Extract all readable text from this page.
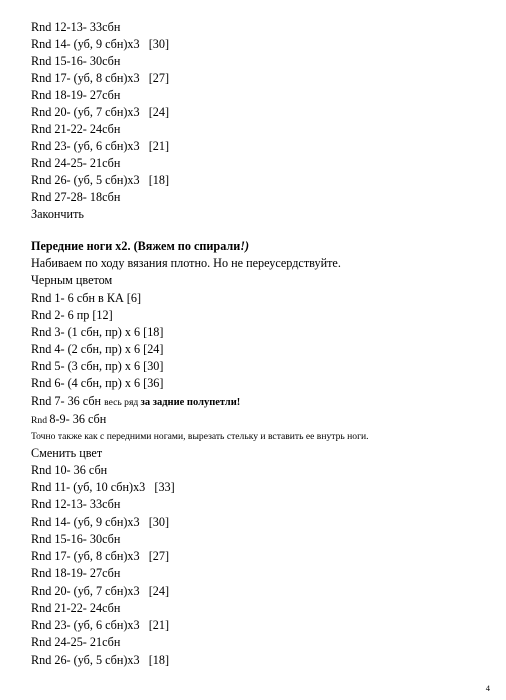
Rnd 12-13- 33сбн
Rnd 14- (уб, 9 сбн)х3   [30]
Rnd 15-16- 30сбн
Rnd 17- (уб, 8 сбн)х3   [27]
Rnd 18-19- 27сбн
Rnd 20- (уб, 7 сбн)х3   [24]
Rnd 21-22- 24сбн
Rnd 23- (уб, 6 сбн)х3   [21]
Rnd 24-25- 21сбн
Rnd 26- (уб, 5 сбн)х3   [18]
Rnd 27-28- 18сбн
Закончить
Передние ноги х2. (Вяжем по спирали!)
Набиваем по ходу вязания плотно. Но не переусердствуйте.
Черным цветом
Rnd 1- 6 сбн в КА [6]
Rnd 2- 6 пр [12]
Rnd 3- (1 сбн, пр) х 6 [18]
Rnd 4- (2 сбн, пр) х 6 [24]
Rnd 5- (3 сбн, пр) х 6 [30]
Rnd 6- (4 сбн, пр) х 6 [36]
Rnd 7- 36 сбн весь ряд за задние полупетли!
Rnd 8-9- 36 сбн
Точно также как с передними ногами, вырезать стельку и вставить ее внутрь ноги.
Сменить цвет
Rnd 10- 36 сбн
Rnd 11- (уб, 10 сбн)х3   [33]
Rnd 12-13- 33сбн
Rnd 14- (уб, 9 сбн)х3   [30]
Rnd 15-16- 30сбн
Rnd 17- (уб, 8 сбн)х3   [27]
Rnd 18-19- 27сбн
Rnd 20- (уб, 7 сбн)х3   [24]
Rnd 21-22- 24сбн
Rnd 23- (уб, 6 сбн)х3   [21]
Rnd 24-25- 21сбн
Rnd 26- (уб, 5 сбн)х3   [18]
4
